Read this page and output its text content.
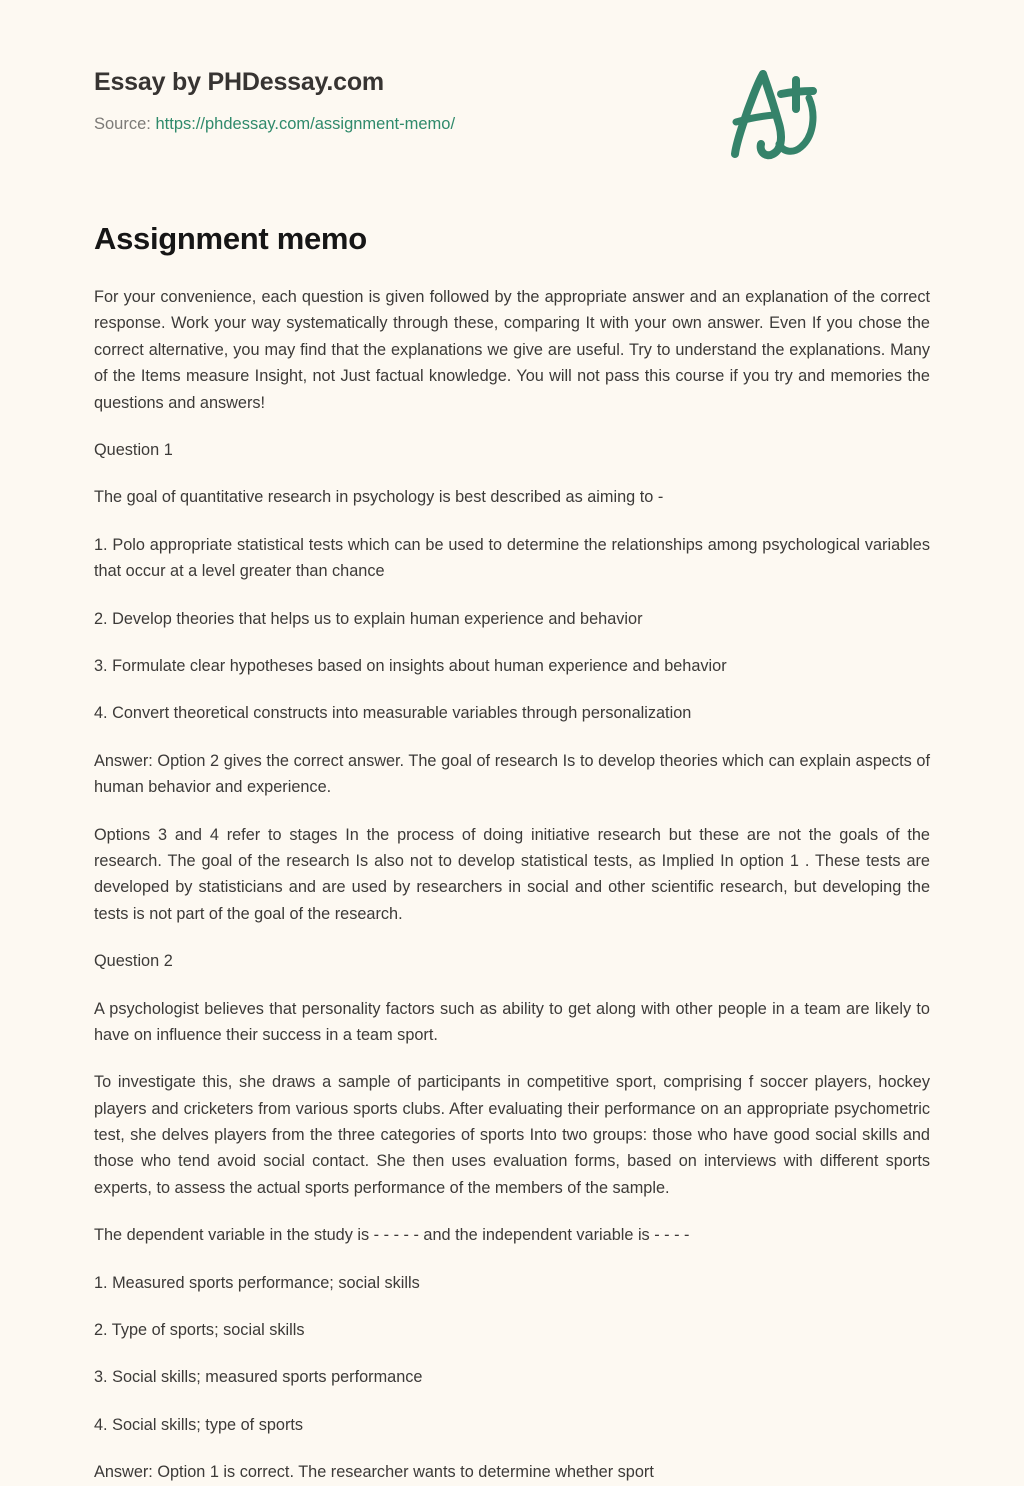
Essay by PHDessay.com
Source: https://phdessay.com/assignment-memo/
Assignment memo

For your convenience, each question is given followed by the appropriate answer and an explanation of the correct response. Work your way systematically through these, comparing It with your own answer. Even If you chose the correct alternative, you may find that the explanations we give are useful. Try to understand the explanations. Many of the Items measure Insight, not Just factual knowledge. You will not pass this course if you try and memories the questions and answers!

Question 1

The goal of quantitative research in psychology is best described as aiming to -

1. Polo appropriate statistical tests which can be used to determine the relationships among psychological variables that occur at a level greater than chance

2. Develop theories that helps us to explain human experience and behavior

3. Formulate clear hypotheses based on insights about human experience and behavior

4. Convert theoretical constructs into measurable variables through personalization

Answer: Option 2 gives the correct answer. The goal of research Is to develop theories which can explain aspects of human behavior and experience.

Options 3 and 4 refer to stages In the process of doing initiative research but these are not the goals of the research. The goal of the research Is also not to develop statistical tests, as Implied In option 1 . These tests are developed by statisticians and are used by researchers in social and other scientific research, but developing the tests is not part of the goal of the research.

Question 2

A psychologist believes that personality factors such as ability to get along with other people in a team are likely to have on influence their success in a team sport.

To investigate this, she draws a sample of participants in competitive sport, comprising f soccer players, hockey players and cricketers from various sports clubs. After evaluating their performance on an appropriate psychometric test, she delves players from the three categories of sports Into two groups: those who have good social skills and those who tend avoid social contact. She then uses evaluation forms, based on interviews with different sports experts, to assess the actual sports performance of the members of the sample.

The dependent variable in the study is - - - - - and the independent variable is - - - -

1. Measured sports performance; social skills

2. Type of sports; social skills

3. Social skills; measured sports performance

4. Social skills; type of sports

Answer: Option 1 is correct. The researcher wants to determine whether sport
